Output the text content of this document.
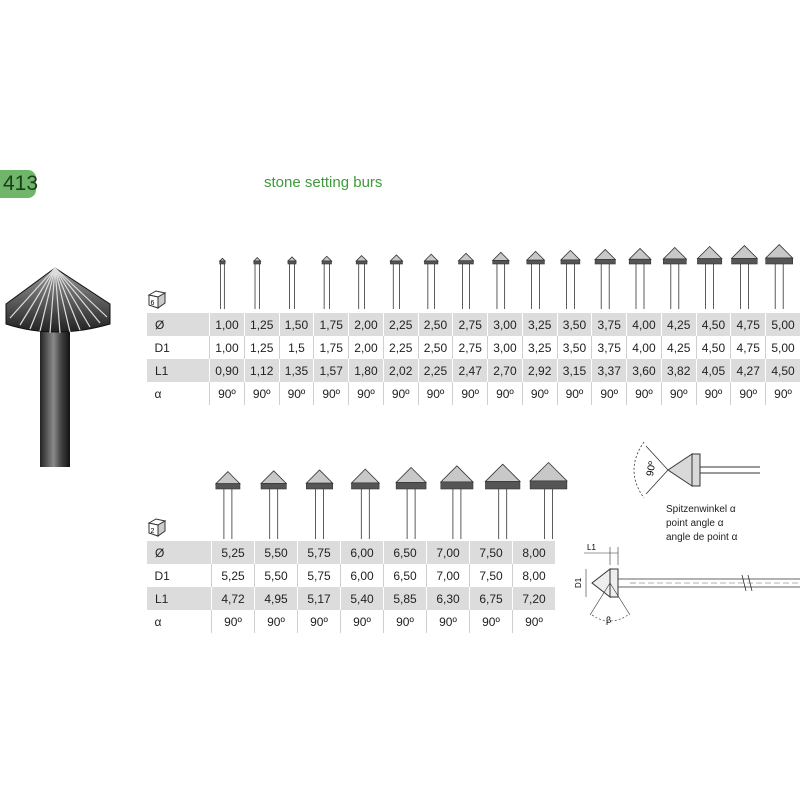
413	stone setting burs
6
Ø	1,00	1,25	1,50	1,75	2,00	2,25	2,50	2,75	3,00	3,25	3,50	3,75	4,00	4,25	4,50	4,75	5,00
D1	1,00	1,25	1,5	1,75	2,00	2,25	2,50	2,75	3,00	3,25	3,50	3,75	4,00	4,25	4,50	4,75	5,00
L1	0,90	1,12	1,35	1,57	1,80	2,02	2,25	2,47	2,70	2,92	3,15	3,37	3,60	3,82	4,05	4,27	4,50
α	90º	90º	90º	90º	90º	90º	90º	90º	90º	90º	90º	90º	90º	90º	90º	90º	90º
2
Ø	5,25	5,50	5,75	6,00	6,50	7,00	7,50	8,00
D1	5,25	5,50	5,75	6,00	6,50	7,00	7,50	8,00
L1	4,72	4,95	5,17	5,40	5,85	6,30	6,75	7,20
α	90º	90º	90º	90º	90º	90º	90º	90º
90º
Spitzenwinkel α
point angle α
angle de point α
L1
D1
β
